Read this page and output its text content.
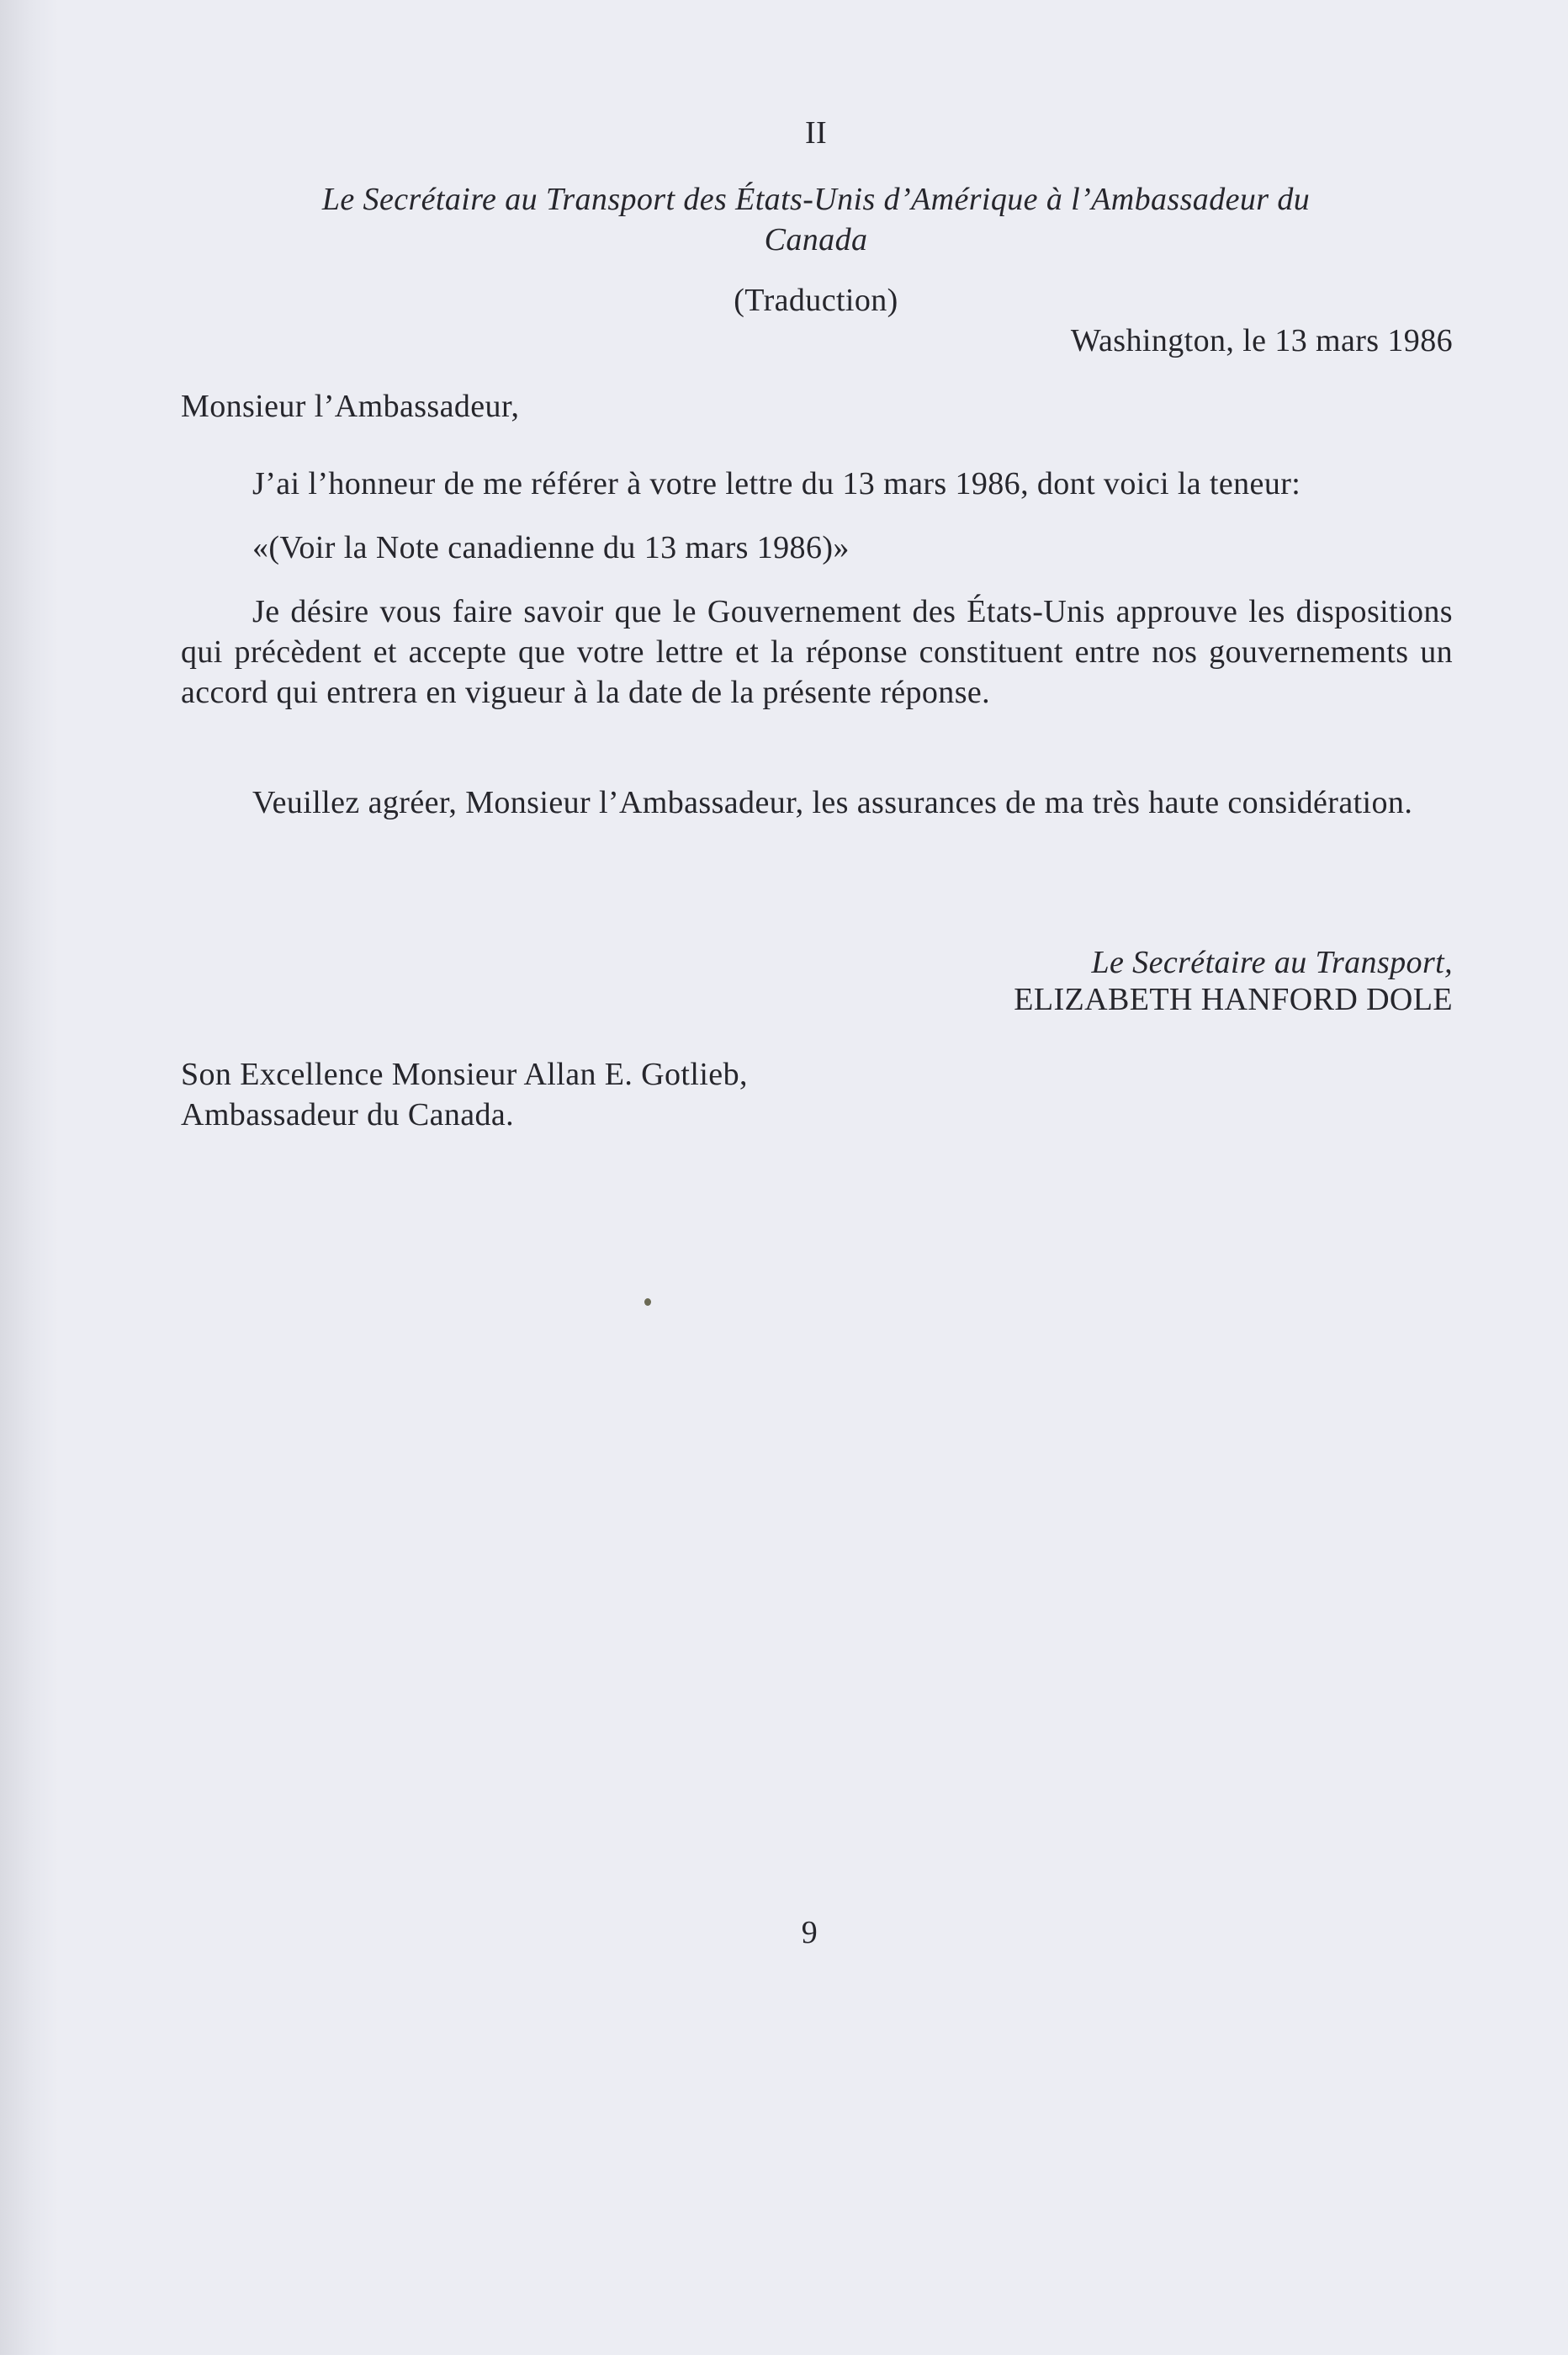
II

Le Secrétaire au Transport des États-Unis d’Amérique à l’Ambassadeur du
Canada

(Traduction)

Washington, le 13 mars 1986

Monsieur l’Ambassadeur,

J’ai l’honneur de me référer à votre lettre du 13 mars 1986, dont voici la teneur:

«(Voir la Note canadienne du 13 mars 1986)»

Je désire vous faire savoir que le Gouvernement des États-Unis approuve les dispositions qui précèdent et accepte que votre lettre et la réponse constituent entre nos gouvernements un accord qui entrera en vigueur à la date de la présente réponse.

Veuillez agréer, Monsieur l’Ambassadeur, les assurances de ma très haute considération.

Le Secrétaire au Transport,

ELIZABETH HANFORD DOLE

Son Excellence Monsieur Allan E. Gotlieb,
Ambassadeur du Canada.

9
